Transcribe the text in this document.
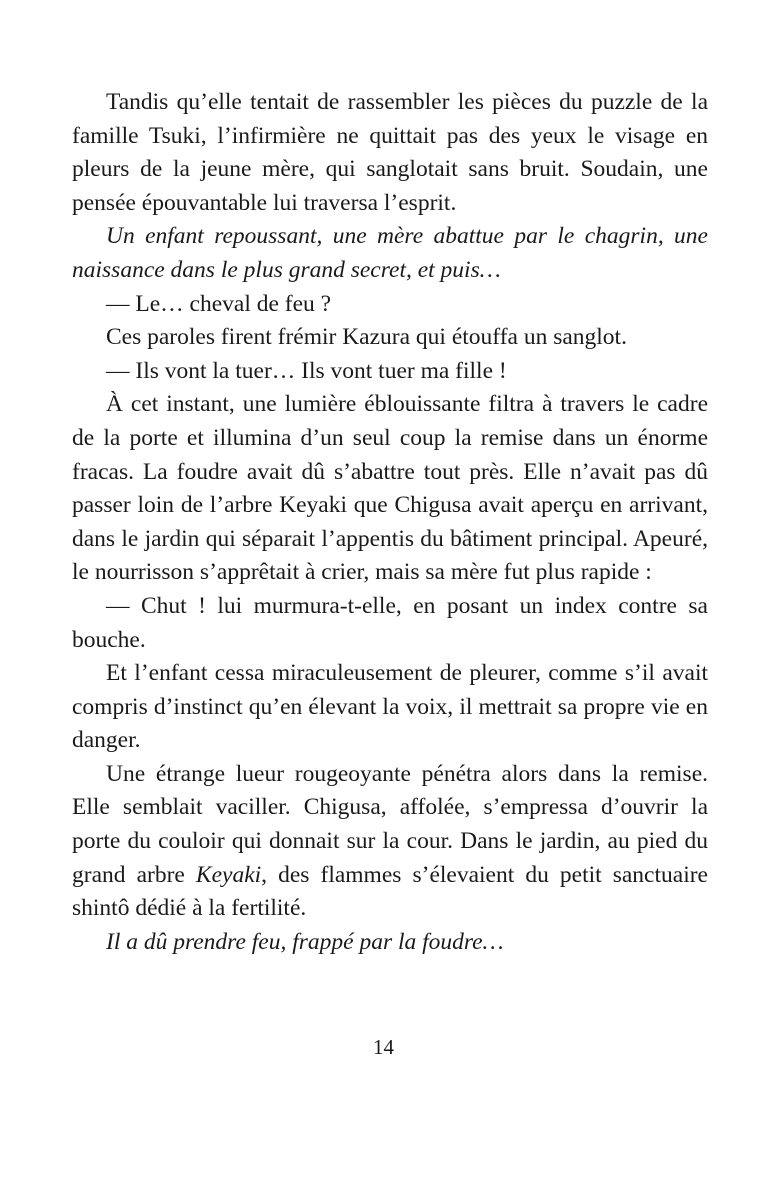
Tandis qu’elle tentait de rassembler les pièces du puzzle de la famille Tsuki, l’infirmière ne quittait pas des yeux le visage en pleurs de la jeune mère, qui sanglotait sans bruit. Soudain, une pensée épouvantable lui traversa l’esprit.

Un enfant repoussant, une mère abattue par le chagrin, une naissance dans le plus grand secret, et puis…

— Le… cheval de feu ?

Ces paroles firent frémir Kazura qui étouffa un sanglot.

— Ils vont la tuer… Ils vont tuer ma fille !

À cet instant, une lumière éblouissante filtra à travers le cadre de la porte et illumina d’un seul coup la remise dans un énorme fracas. La foudre avait dû s’abattre tout près. Elle n’avait pas dû passer loin de l’arbre Keyaki que Chigusa avait aperçu en arrivant, dans le jardin qui séparait l’appentis du bâtiment principal. Apeuré, le nourrisson s’apprêtait à crier, mais sa mère fut plus rapide :

— Chut ! lui murmura-t-elle, en posant un index contre sa bouche.

Et l’enfant cessa miraculeusement de pleurer, comme s’il avait compris d’instinct qu’en élevant la voix, il mettrait sa propre vie en danger.

Une étrange lueur rougeoyante pénétra alors dans la remise. Elle semblait vaciller. Chigusa, affolée, s’empressa d’ouvrir la porte du couloir qui donnait sur la cour. Dans le jardin, au pied du grand arbre Keyaki, des flammes s’élevaient du petit sanctuaire shintô dédié à la fertilité.

Il a dû prendre feu, frappé par la foudre…

14
